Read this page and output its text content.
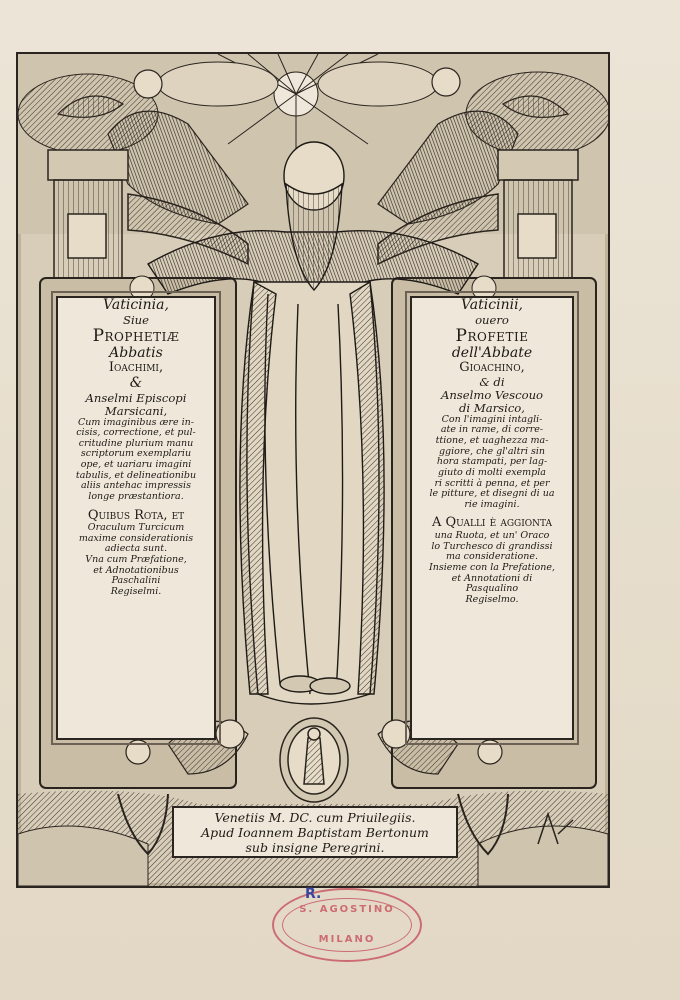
Vaticinia,
Siue
Prophetiæ
Abbatis
Ioachimi,
&
Anselmi Episcopi
Marsicani,
Cum imaginibus ære in-
cisis, correctione, et pul-
critudine plurium manu
scriptorum exemplariu
ope, et uariaru imagini
tabulis, et delineationibu
aliis antehac impressis
longe præstantiora.
Quibus Rota, et
Oraculum Turcicum
maxime considerationis
adiecta sunt.
Vna cum Præfatione,
et Adnotationibus
Paschalini
Regiselmi.
Vaticinii,
ouero
Profetie
dell'Abbate
Gioachino,
& di
Anselmo Vescouo
di Marsico,
Con l'imagini intagli-
ate in rame, di corre-
ttione, et uaghezza ma-
ggiore, che gl'altri sin
hora stampati, per lag-
giuto di molti exempla
ri scritti à penna, et per
le pitture, et disegni di ua
rie imagini.
A Qualli è aggionta
una Ruota, et un' Oraco
lo Turchesco di grandissi
ma consideratione.
Insieme con la Prefatione,
et Annotationi di
Pasqualino
Regiselmo.
Venetiis M. DC. cum Priuilegiis.
Apud Ioannem Baptistam Bertonum
sub insigne Peregrini.
S. AGOSTINO
MILANO
R.
